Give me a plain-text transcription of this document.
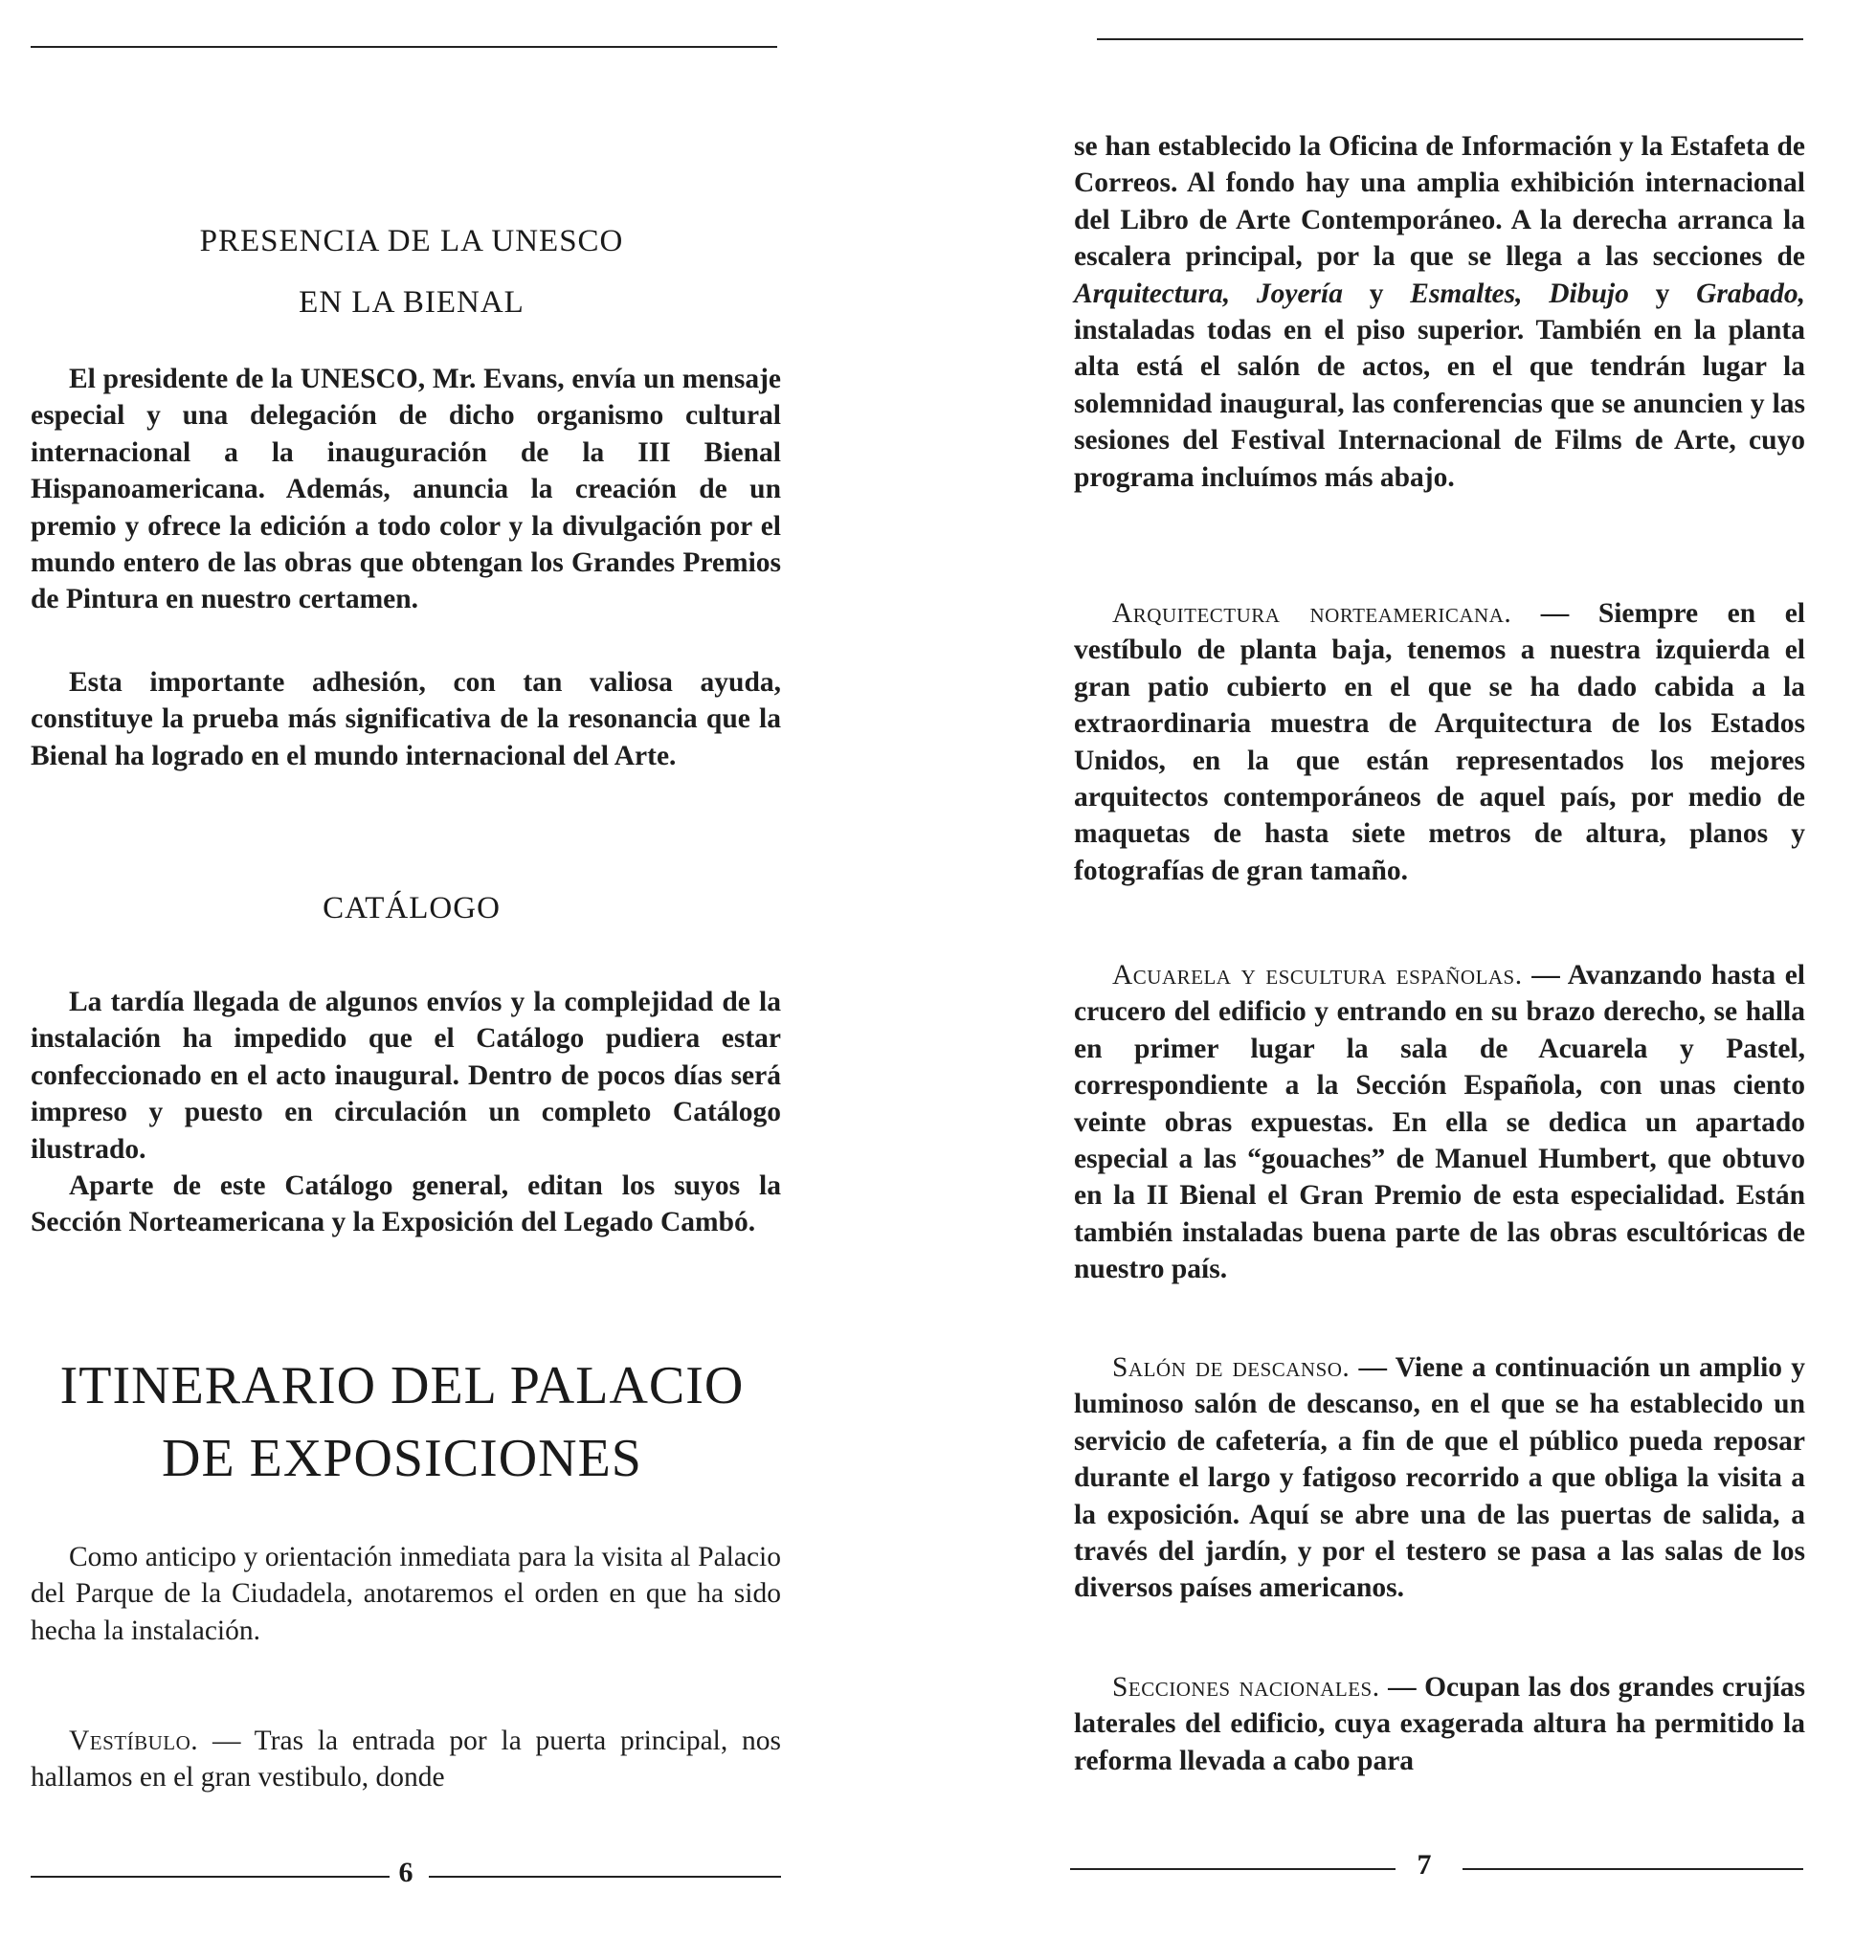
PRESENCIA DE LA UNESCO
EN LA BIENAL

El presidente de la UNESCO, Mr. Evans, envía un mensaje especial y una delegación de dicho organismo cultural internacional a la inauguración de la III Bienal Hispanoamericana. Además, anuncia la creación de un premio y ofrece la edición a todo color y la divulgación por el mundo entero de las obras que obtengan los Grandes Premios de Pintura en nuestro certamen.

Esta importante adhesión, con tan valiosa ayuda, constituye la prueba más significativa de la resonancia que la Bienal ha logrado en el mundo internacional del Arte.

CATÁLOGO

La tardía llegada de algunos envíos y la complejidad de la instalación ha impedido que el Catálogo pudiera estar confeccionado en el acto inaugural. Dentro de pocos días será impreso y puesto en circulación un completo Catálogo ilustrado.

Aparte de este Catálogo general, editan los suyos la Sección Norteamericana y la Exposición del Legado Cambó.

ITINERARIO DEL PALACIO
DE EXPOSICIONES

Como anticipo y orientación inmediata para la visita al Palacio del Parque de la Ciudadela, anotaremos el orden en que ha sido hecha la instalación.

Vestíbulo. — Tras la entrada por la puerta principal, nos hallamos en el gran vestibulo, donde

6

se han establecido la Oficina de Información y la Estafeta de Correos. Al fondo hay una amplia exhibición internacional del Libro de Arte Contemporáneo. A la derecha arranca la escalera principal, por la que se llega a las secciones de Arquitectura, Joyería y Esmaltes, Dibujo y Grabado, instaladas todas en el piso superior. También en la planta alta está el salón de actos, en el que tendrán lugar la solemnidad inaugural, las conferencias que se anuncien y las sesiones del Festival Internacional de Films de Arte, cuyo programa incluímos más abajo.

Arquitectura norteamericana. — Siempre en el vestíbulo de planta baja, tenemos a nuestra izquierda el gran patio cubierto en el que se ha dado cabida a la extraordinaria muestra de Arquitectura de los Estados Unidos, en la que están representados los mejores arquitectos contemporáneos de aquel país, por medio de maquetas de hasta siete metros de altura, planos y fotografías de gran tamaño.

Acuarela y escultura españolas. — Avanzando hasta el crucero del edificio y entrando en su brazo derecho, se halla en primer lugar la sala de Acuarela y Pastel, correspondiente a la Sección Española, con unas ciento veinte obras expuestas. En ella se dedica un apartado especial a las “gouaches” de Manuel Humbert, que obtuvo en la II Bienal el Gran Premio de esta especialidad. Están también instaladas buena parte de las obras escultóricas de nuestro país.

Salón de descanso. — Viene a continuación un amplio y luminoso salón de descanso, en el que se ha establecido un servicio de cafetería, a fin de que el público pueda reposar durante el largo y fatigoso recorrido a que obliga la visita a la exposición. Aquí se abre una de las puertas de salida, a través del jardín, y por el testero se pasa a las salas de los diversos países americanos.

Secciones nacionales. — Ocupan las dos grandes crujías laterales del edificio, cuya exagerada altura ha permitido la reforma llevada a cabo para

7
